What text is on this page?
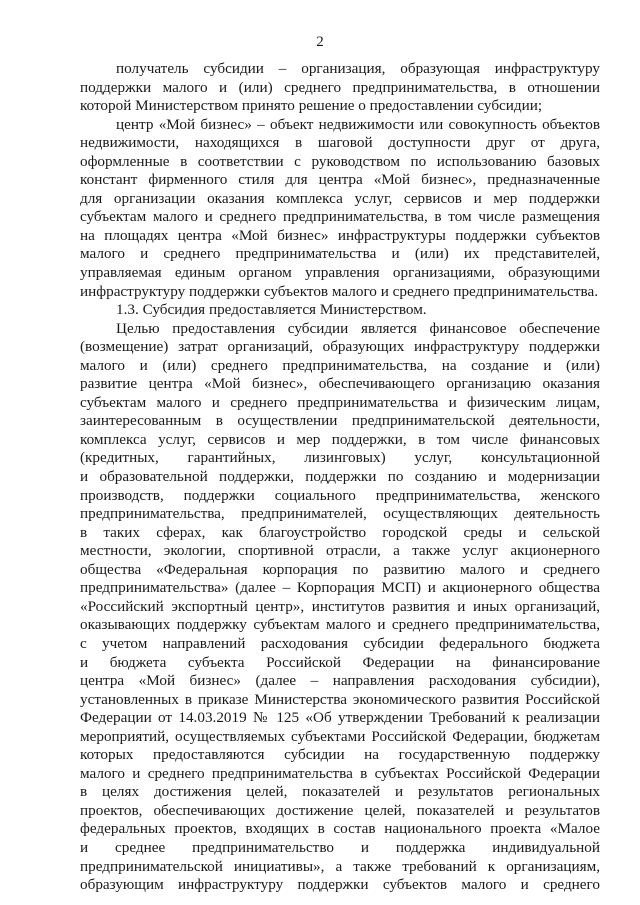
2
получатель субсидии – организация, образующая инфраструктуру
поддержки малого и (или) среднего предпринимательства, в отношении
которой Министерством принято решение о предоставлении субсидии;
центр «Мой бизнес» – объект недвижимости или совокупность объектов
недвижимости, находящихся в шаговой доступности друг от друга,
оформленные в соответствии с руководством по использованию базовых
констант фирменного стиля для центра «Мой бизнес», предназначенные
для организации оказания комплекса услуг, сервисов и мер поддержки
субъектам малого и среднего предпринимательства, в том числе размещения
на площадях центра «Мой бизнес» инфраструктуры поддержки субъектов
малого и среднего предпринимательства и (или) их представителей,
управляемая единым органом управления организациями, образующими
инфраструктуру поддержки субъектов малого и среднего предпринимательства.
1.3. Субсидия предоставляется Министерством.
Целью предоставления субсидии является финансовое обеспечение
(возмещение) затрат организаций, образующих инфраструктуру поддержки
малого и (или) среднего предпринимательства, на создание и (или)
развитие центра «Мой бизнес», обеспечивающего организацию оказания
субъектам малого и среднего предпринимательства и физическим лицам,
заинтересованным в осуществлении предпринимательской деятельности,
комплекса услуг, сервисов и мер поддержки, в том числе финансовых
(кредитных, гарантийных, лизинговых) услуг, консультационной
и образовательной поддержки, поддержки по созданию и модернизации
производств, поддержки социального предпринимательства, женского
предпринимательства, предпринимателей, осуществляющих деятельность
в таких сферах, как благоустройство городской среды и сельской
местности, экологии, спортивной отрасли, а также услуг акционерного
общества «Федеральная корпорация по развитию малого и среднего
предпринимательства» (далее – Корпорация МСП) и акционерного общества
«Российский экспортный центр», институтов развития и иных организаций,
оказывающих поддержку субъектам малого и среднего предпринимательства,
с учетом направлений расходования субсидии федерального бюджета
и бюджета субъекта Российской Федерации на финансирование
центра «Мой бизнес» (далее – направления расходования субсидии),
установленных в приказе Министерства экономического развития Российской
Федерации от 14.03.2019 № 125 «Об утверждении Требований к реализации
мероприятий, осуществляемых субъектами Российской Федерации, бюджетам
которых предоставляются субсидии на государственную поддержку
малого и среднего предпринимательства в субъектах Российской Федерации
в целях достижения целей, показателей и результатов региональных
проектов, обеспечивающих достижение целей, показателей и результатов
федеральных проектов, входящих в состав национального проекта «Малое
и среднее предпринимательство и поддержка индивидуальной
предпринимательской инициативы», а также требований к организациям,
образующим инфраструктуру поддержки субъектов малого и среднего
